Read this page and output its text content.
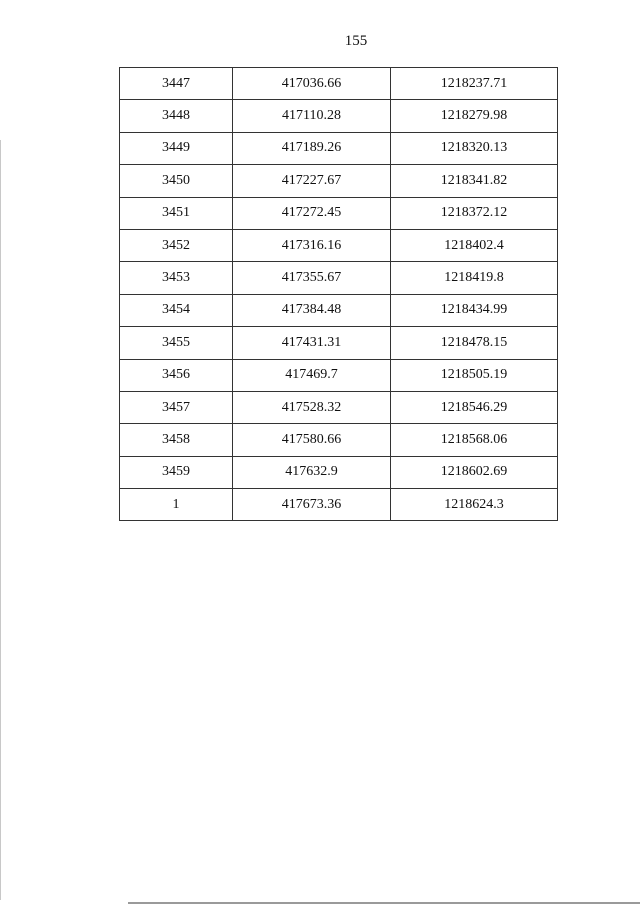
155
3447	417036.66	1218237.71
3448	417110.28	1218279.98
3449	417189.26	1218320.13
3450	417227.67	1218341.82
3451	417272.45	1218372.12
3452	417316.16	1218402.4
3453	417355.67	1218419.8
3454	417384.48	1218434.99
3455	417431.31	1218478.15
3456	417469.7	1218505.19
3457	417528.32	1218546.29
3458	417580.66	1218568.06
3459	417632.9	1218602.69
1	417673.36	1218624.3
